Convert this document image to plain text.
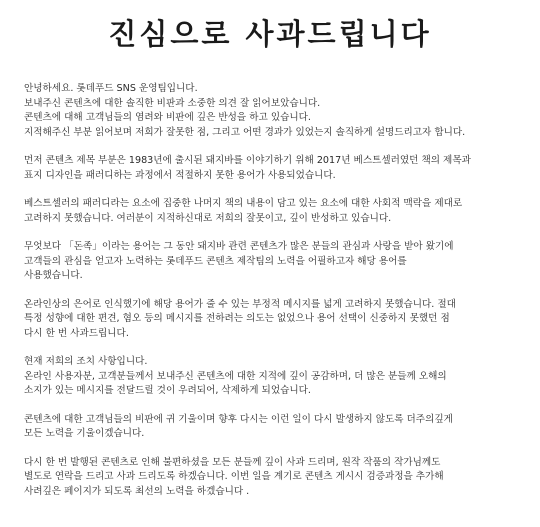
진심으로 사과드립니다
안녕하세요. 롯데푸드 SNS 운영팀입니다.
보내주신 콘텐츠에 대한 솔직한 비판과 소중한 의견 잘 읽어보았습니다.
콘텐츠에 대해 고객님들의 염려와 비판에 깊은 반성을 하고 있습니다.
지적해주신 부분 읽어보며 저희가 잘못한 점, 그리고 어떤 경과가 있었는지 솔직하게 설명드리고자 합니다.
먼저 콘텐츠 제목 부분은 1983년에 출시된 돼지바를 이야기하기 위해 2017년 베스트셀러였던 책의 제목과
표지 디자인을 패러디하는 과정에서 적절하지 못한 용어가 사용되었습니다.
베스트셀러의 패러디라는 요소에 집중한 나머지 책의 내용이 담고 있는 요소에 대한 사회적 맥락을 제대로
고려하지 못했습니다. 여러분이 지적하신대로 저희의 잘못이고, 깊이 반성하고 있습니다.
무엇보다 「돈족」이라는 용어는 그 동안 돼지바 관련 콘텐츠가 많은 분들의 관심과 사랑을 받아 왔기에
고객들의 관심을 얻고자 노력하는 롯데푸드 콘텐츠 제작팀의 노력을 어필하고자 해당 용어를
사용했습니다.
온라인상의 은어로 인식했기에 해당 용어가 줄 수 있는 부정적 메시지를 넓게 고려하지 못했습니다. 절대
특정 성향에 대한 편견, 혐오 등의 메시지를 전하려는 의도는 없었으나 용어 선택이 신중하지 못했던 점
다시 한 번 사과드립니다.
현재 저희의 조치 사항입니다.
온라인 사용자분, 고객분들께서 보내주신 콘텐츠에 대한 지적에 깊이 공감하며, 더 많은 분들께 오해의
소지가 있는 메시지를 전달드릴 것이 우려되어, 삭제하게 되었습니다.
콘텐츠에 대한 고객님들의 비판에 귀 기울이며 향후 다시는 이런 일이 다시 발생하지 않도록 더주의깊게
모든 노력을 기울이겠습니다.
다시 한 번 발행된 콘텐츠로 인해 불편하셨을 모든 분들께 깊이 사과 드리며, 원작 작품의 작가님께도
별도로 연락을 드리고 사과 드리도록 하겠습니다. 이번 일을 계기로 콘텐츠 게시시 검증과정을 추가해
사려깊은 페이지가 되도록 최선의 노력을 하겠습니다 .
